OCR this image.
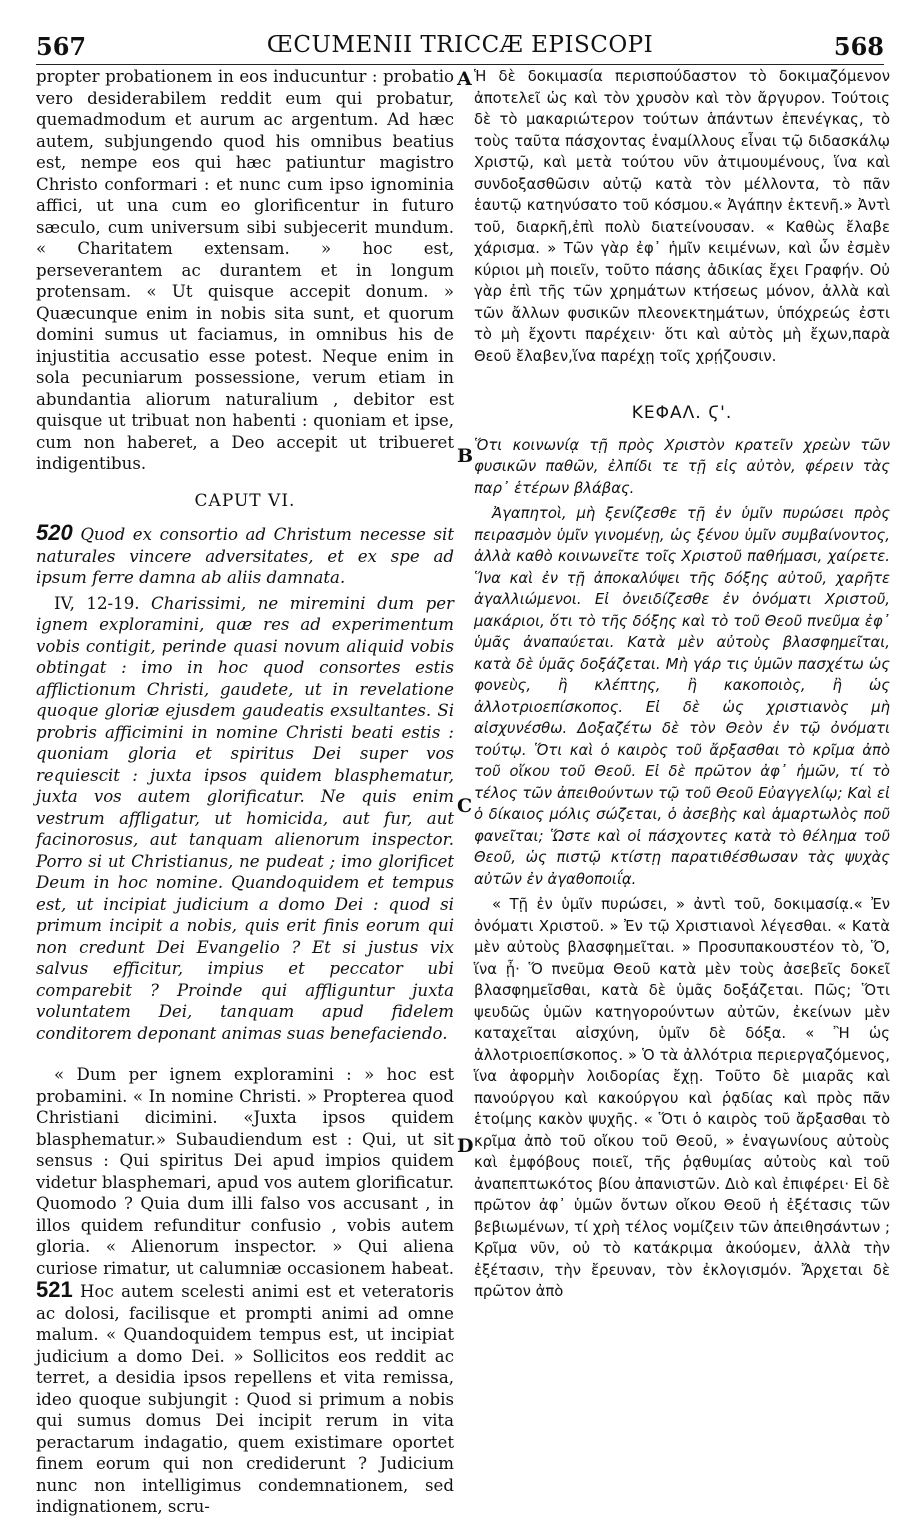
567	ŒCUMENII TRICCÆ EPISCOPI	568
A
B
C
D

propter probationem in eos inducuntur : probatio vero desiderabilem reddit eum qui probatur, quemadmodum et aurum ac argentum. Ad hæc autem, subjungendo quod his omnibus beatius est, nempe eos qui hæc patiuntur magistro Christo conformari : et nunc cum ipso ignominia affici, ut una cum eo glorificentur in futuro sæculo, cum universum sibi subjecerit mundum. « Charitatem extensam. » hoc est, perseverantem ac durantem et in longum protensam. « Ut quisque accepit donum. » Quæcunque enim in nobis sita sunt, et quorum domini sumus ut faciamus, in omnibus his de injustitia accusatio esse potest. Neque enim in sola pecuniarum possessione, verum etiam in abundantia aliorum naturalium , debitor est quisque ut tribuat non habenti : quoniam et ipse, cum non haberet, a Deo accepit ut tribueret indigentibus.

CAPUT VI.

520 Quod ex consortio ad Christum necesse sit naturales vincere adversitates, et ex spe ad ipsum ferre damna ab aliis damnata.

IV, 12-19. Charissimi, ne miremini dum per ignem exploramini, quæ res ad experimentum vobis contigit, perinde quasi novum aliquid vobis obtingat : imo in hoc quod consortes estis afflictionum Christi, gaudete, ut in revelatione quoque gloriæ ejusdem gaudeatis exsultantes. Si probris afficimini in nomine Christi beati estis : quoniam gloria et spiritus Dei super vos requiescit : juxta ipsos quidem blasphematur, juxta vos autem glorificatur. Ne quis enim vestrum affligatur, ut homicida, aut fur, aut facinorosus, aut tanquam alienorum inspector. Porro si ut Christianus, ne pudeat ; imo glorificet Deum in hoc nomine. Quandoquidem et tempus est, ut incipiat judicium a domo Dei : quod si primum incipit a nobis, quis erit finis eorum qui non credunt Dei Evangelio ? Et si justus vix salvus efficitur, impius et peccator ubi comparebit ? Proinde qui affliguntur juxta voluntatem Dei, tanquam apud fidelem conditorem deponant animas suas benefaciendo.

« Dum per ignem exploramini : » hoc est probamini. « In nomine Christi. » Propterea quod Christiani dicimini. «Juxta ipsos quidem blasphematur.» Subaudiendum est : Qui, ut sit sensus : Qui spiritus Dei apud impios quidem videtur blasphemari, apud vos autem glorificatur. Quomodo ? Quia dum illi falso vos accusant , in illos quidem refunditur confusio , vobis autem gloria. « Alienorum inspector. » Qui aliena curiose rimatur, ut calumniæ occasionem habeat. 521 Hoc autem scelesti animi est et veteratoris ac dolosi, facilisque et prompti animi ad omne malum. « Quandoquidem tempus est, ut incipiat judicium a domo Dei. » Sollicitos eos reddit ac terret, a desidia ipsos repellens et vita remissa, ideo quoque subjungit : Quod si primum a nobis qui sumus domus Dei incipit rerum in vita peractarum indagatio, quem existimare oportet finem eorum qui non crediderunt ? Judicium nunc non intelligimus condemnationem, sed indignationem, scru-

Ἡ δὲ δοκιμασία περισπούδαστον τὸ δοκιμαζόμενον ἀποτελεῖ ὡς καὶ τὸν χρυσὸν καὶ τὸν ἄργυρον. Τούτοις δὲ τὸ μακαριώτερον τούτων ἁπάντων ἐπενέγκας, τὸ τοὺς ταῦτα πάσχοντας ἐναμίλλους εἶναι τῷ διδασκάλῳ Χριστῷ, καὶ μετὰ τούτου νῦν ἀτιμουμένους, ἵνα καὶ συνδοξασθῶσιν αὐτῷ κατὰ τὸν μέλλοντα, τὸ πᾶν ἑαυτῷ κατηνύσατο τοῦ κόσμου.« Ἀγάπην ἐκτενῆ.» Ἀντὶ τοῦ, διαρκῆ,ἐπὶ πολὺ διατείνουσαν. « Καθὼς ἔλαβε χάρισμα. » Τῶν γὰρ ἐφ᾽ ἡμῖν κειμένων, καὶ ὧν ἐσμὲν κύριοι μὴ ποιεῖν, τοῦτο πάσης ἀδικίας ἔχει Γραφήν. Οὐ γὰρ ἐπὶ τῆς τῶν χρημάτων κτήσεως μόνον, ἀλλὰ καὶ τῶν ἄλλων φυσικῶν πλεονεκτημάτων, ὑπόχρεώς ἐστι τὸ μὴ ἔχοντι παρέχειν· ὅτι καὶ αὐτὸς μὴ ἔχων,παρὰ Θεοῦ ἔλαβεν,ἵνα παρέχῃ τοῖς χρῄζουσιν.

ΚΕΦΑΛ. Ϛ'.

Ὅτι κοινωνίᾳ τῇ πρὸς Χριστὸν κρατεῖν χρεὼν τῶν φυσικῶν παθῶν, ἐλπίδι τε τῇ εἰς αὐτὸν, φέρειν τὰς παρ᾽ ἑτέρων βλάβας.

Ἀγαπητοὶ, μὴ ξενίζεσθε τῇ ἐν ὑμῖν πυρώσει πρὸς πειρασμὸν ὑμῖν γινομένῃ, ὡς ξένου ὑμῖν συμβαίνοντος, ἀλλὰ καθὸ κοινωνεῖτε τοῖς Χριστοῦ παθήμασι, χαίρετε. Ἵνα καὶ ἐν τῇ ἀποκαλύψει τῆς δόξης αὐτοῦ, χαρῆτε ἀγαλλιώμενοι. Εἰ ὀνειδίζεσθε ἐν ὀνόματι Χριστοῦ, μακάριοι, ὅτι τὸ τῆς δόξης καὶ τὸ τοῦ Θεοῦ πνεῦμα ἐφ᾽ ὑμᾶς ἀναπαύεται. Κατὰ μὲν αὐτοὺς βλασφημεῖται, κατὰ δὲ ὑμᾶς δοξάζεται. Μὴ γάρ τις ὑμῶν πασχέτω ὡς φονεὺς, ἢ κλέπτης, ἢ κακοποιὸς, ἢ ὡς ἀλλοτριοεπίσκοπος. Εἰ δὲ ὡς χριστιανὸς μὴ αἰσχυνέσθω. Δοξαζέτω δὲ τὸν Θεὸν ἐν τῷ ὀνόματι τούτῳ. Ὅτι καὶ ὁ καιρὸς τοῦ ἄρξασθαι τὸ κρῖμα ἀπὸ τοῦ οἴκου τοῦ Θεοῦ. Εἰ δὲ πρῶτον ἀφ᾽ ἡμῶν, τί τὸ τέλος τῶν ἀπειθούντων τῷ τοῦ Θεοῦ Εὐαγγελίῳ; Καὶ εἰ ὁ δίκαιος μόλις σώζεται, ὁ ἀσεβὴς καὶ ἁμαρτωλὸς ποῦ φανεῖται; Ὥστε καὶ οἱ πάσχοντες κατὰ τὸ θέλημα τοῦ Θεοῦ, ὡς πιστῷ κτίστῃ παρατιθέσθωσαν τὰς ψυχὰς αὐτῶν ἐν ἀγαθοποιΐᾳ.

« Τῇ ἐν ὑμῖν πυρώσει, » ἀντὶ τοῦ, δοκιμασίᾳ.« Ἐν ὀνόματι Χριστοῦ. » Ἐν τῷ Χριστιανοὶ λέγεσθαι. « Κατὰ μὲν αὐτοὺς βλασφημεῖται. » Προσυπακουστέον τὸ, Ὅ, ἵνα ᾖ· Ὅ πνεῦμα Θεοῦ κατὰ μὲν τοὺς ἀσεβεῖς δοκεῖ βλασφημεῖσθαι, κατὰ δὲ ὑμᾶς δοξάζεται. Πῶς; Ὅτι ψευδῶς ὑμῶν κατηγορούντων αὐτῶν, ἐκείνων μὲν καταχεῖται αἰσχύνη, ὑμῖν δὲ δόξα. « Ἢ ὡς ἀλλοτριοεπίσκοπος. » Ὁ τὰ ἀλλότρια περιεργαζόμενος, ἵνα ἀφορμὴν λοιδορίας ἔχῃ. Τοῦτο δὲ μιαρᾶς καὶ πανούργου καὶ κακούργου καὶ ῥᾳδίας καὶ πρὸς πᾶν ἑτοίμης κακὸν ψυχῆς. « Ὅτι ὁ καιρὸς τοῦ ἄρξασθαι τὸ κρῖμα ἀπὸ τοῦ οἴκου τοῦ Θεοῦ, » ἐναγωνίους αὐτοὺς καὶ ἐμφόβους ποιεῖ, τῆς ῥᾳθυμίας αὐτοὺς καὶ τοῦ ἀναπεπτωκότος βίου ἀπανιστῶν. Διὸ καὶ ἐπιφέρει· Εἰ δὲ πρῶτον ἀφ᾽ ὑμῶν ὄντων οἴκου Θεοῦ ἡ ἐξέτασις τῶν βεβιωμένων, τί χρὴ τέλος νομίζειν τῶν ἀπειθησάντων ; Κρῖμα νῦν, οὐ τὸ κατάκριμα ἀκούομεν, ἀλλὰ τὴν ἐξέτασιν, τὴν ἔρευναν, τὸν ἐκλογισμόν. Ἄρχεται δὲ πρῶτον ἀπὸ
